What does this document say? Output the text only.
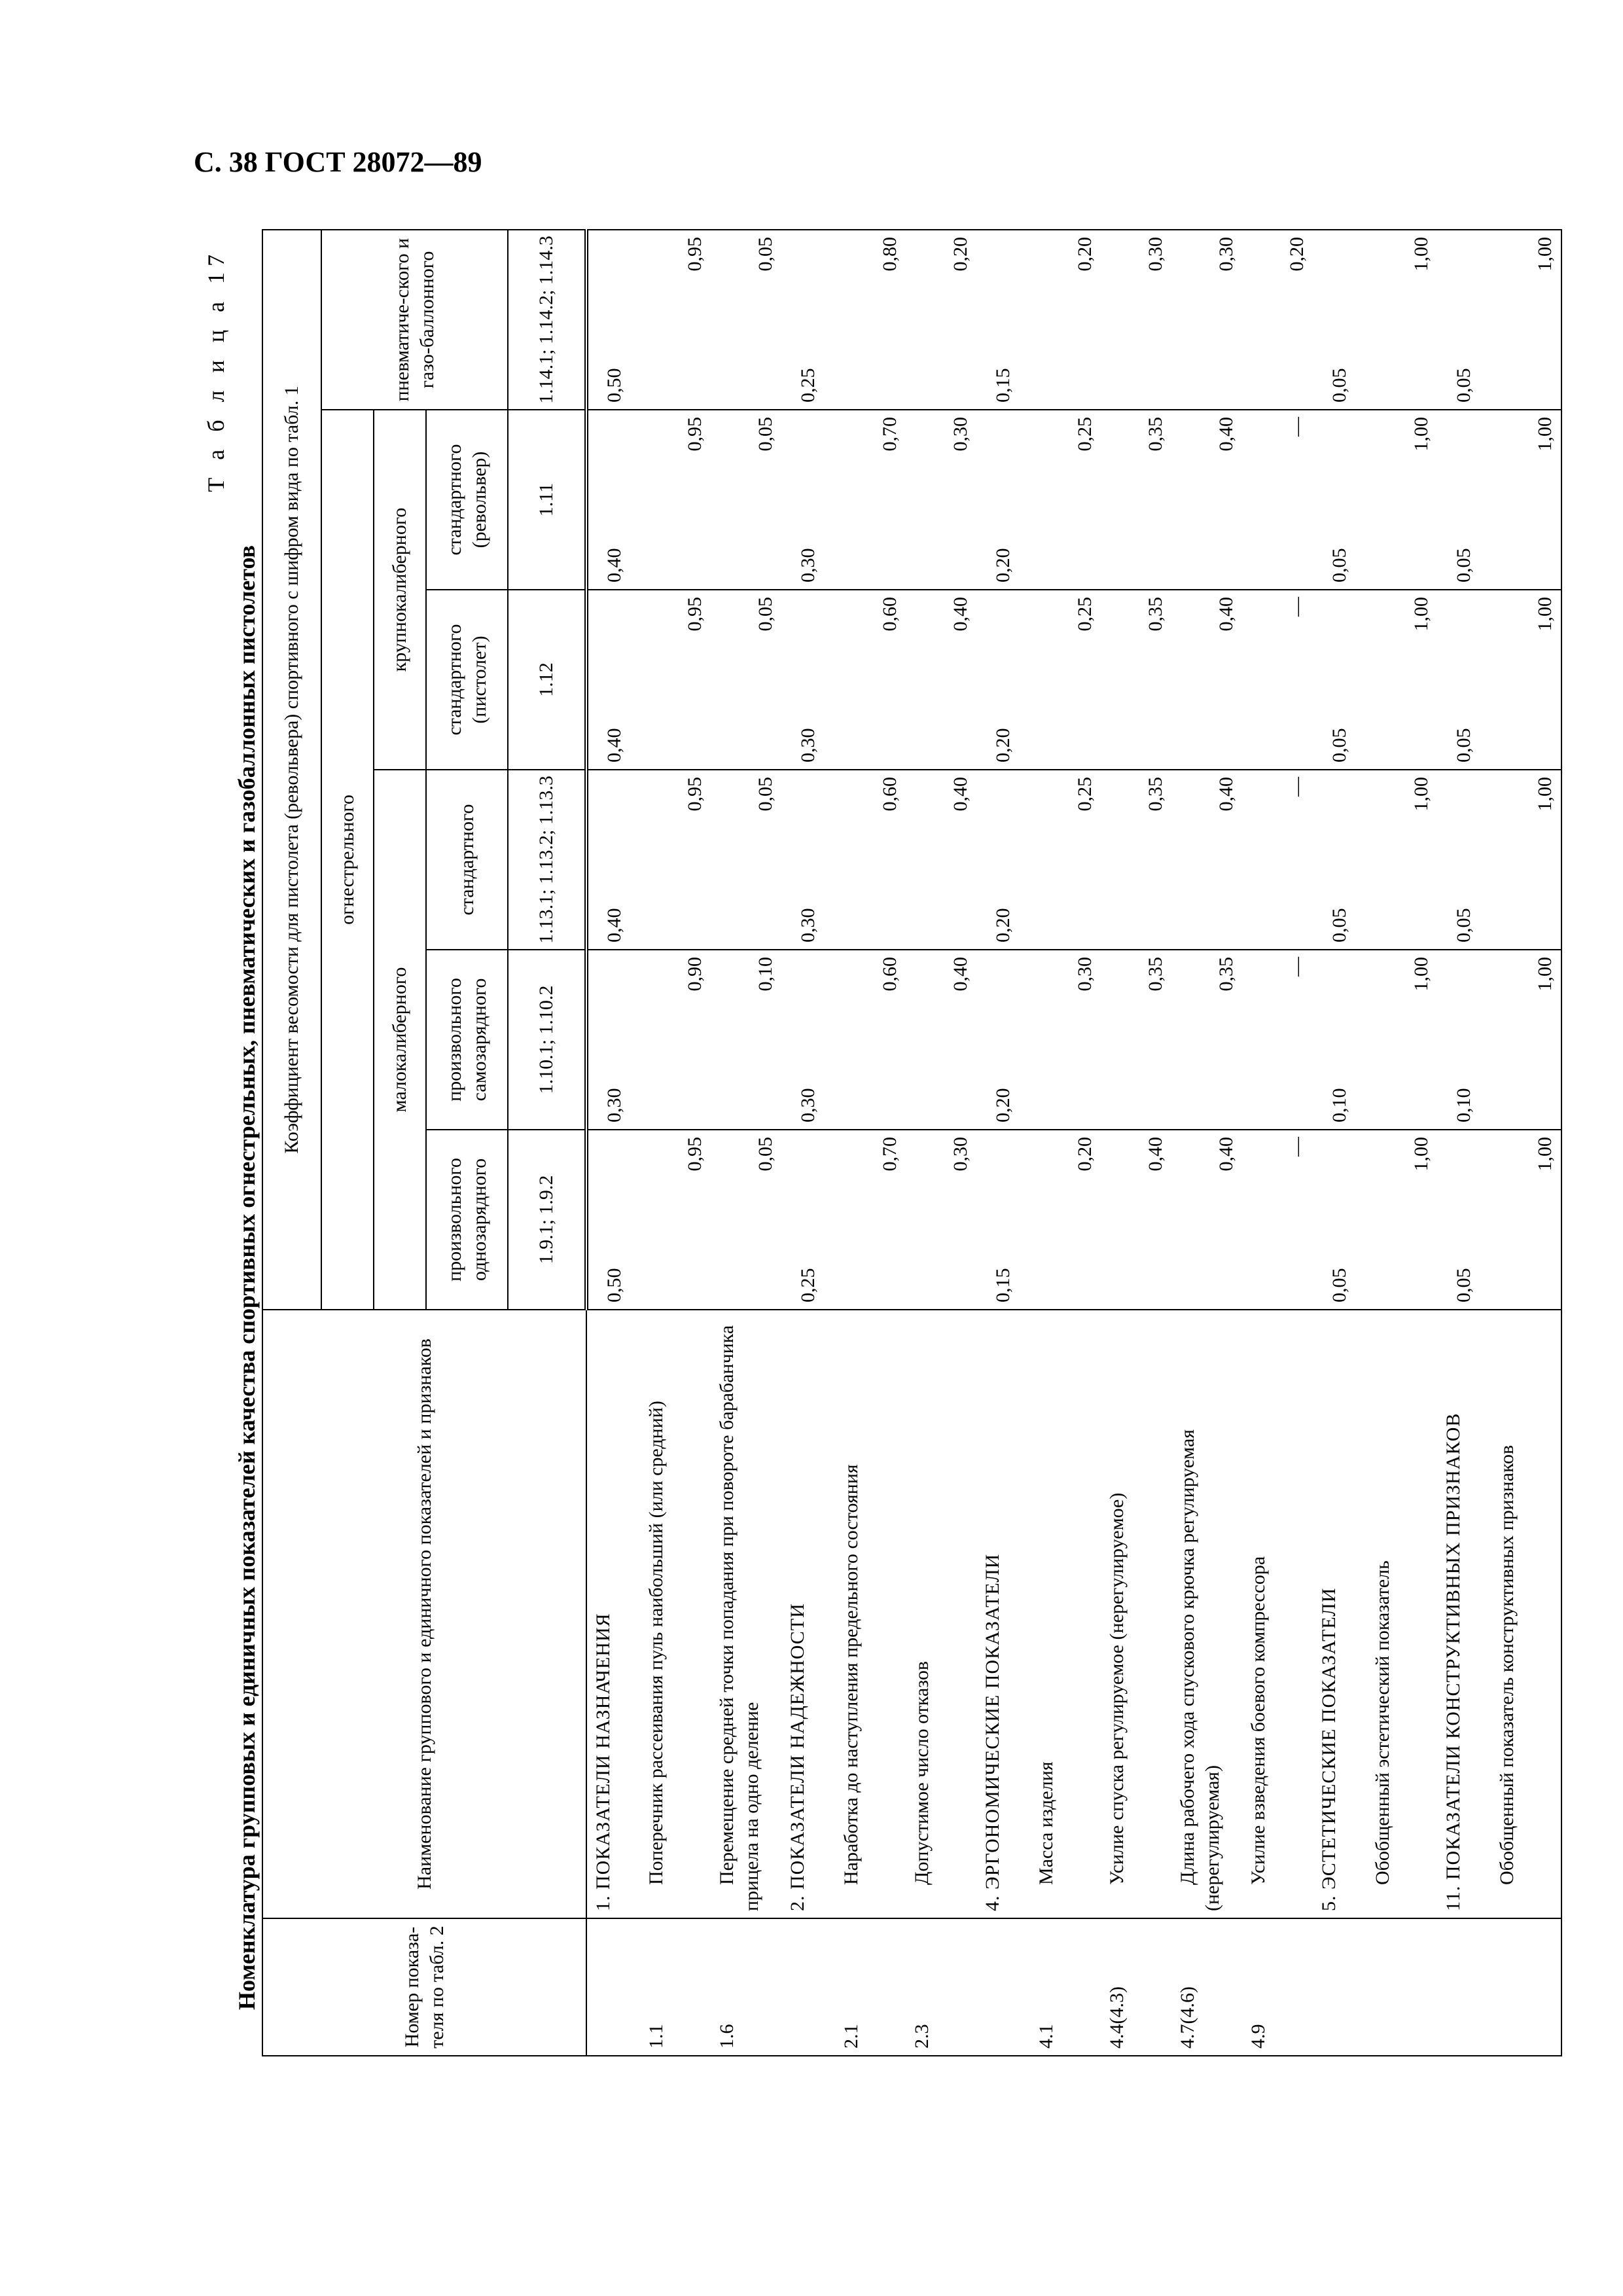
С. 38 ГОСТ 28072—89
Т а б л и ц а 17
Номенклатура групповых и единичных показателей качества спортивных огнестрельных, пневматических и газобаллонных пистолетов	Номер показа-теля по табл. 2	Наименование группового и единичного показателей и признаков	Коэффициент весомости для пистолета (револьвера) спортивного с шифром вида по табл. 1					
		огнестрельного					пневматиче-ского и газо-баллонного
		малокалиберного			крупнокалиберного		
		произвольного однозарядного	произвольного самозарядного	стандартного	стандартного (пистолет)	стандартного (револьвер)	
		1.9.1; 1.9.2	1.10.1; 1.10.2	1.13.1; 1.13.2; 1.13.3	1.12	1.11	1.14.1; 1.14.2; 1.14.3
	1. ПОКАЗАТЕЛИ НАЗНАЧЕНИЯ	0,50	0,30	0,40	0,40	0,40	0,50
1.1	Поперечник рассеивания пуль наибольший (или средний)	0,95	0,90	0,95	0,95	0,95	0,95
1.6	Перемещение средней точки попадания при повороте барабанчика прицела на одно деление	0,05	0,10	0,05	0,05	0,05	0,05
	2. ПОКАЗАТЕЛИ НАДЕЖНОСТИ	0,25	0,30	0,30	0,30	0,30	0,25
2.1	Наработка до наступления предельного состояния	0,70	0,60	0,60	0,60	0,70	0,80
2.3	Допустимое число отказов	0,30	0,40	0,40	0,40	0,30	0,20
	4. ЭРГОНОМИЧЕСКИЕ ПОКАЗАТЕЛИ	0,15	0,20	0,20	0,20	0,20	0,15
4.1	Масса изделия	0,20	0,30	0,25	0,25	0,25	0,20
4.4(4.3)	Усилие спуска регулируемое (нерегулируемое)	0,40	0,35	0,35	0,35	0,35	0,30
4.7(4.6)	Длина рабочего хода спускового крючка регулируемая (нерегулируемая)	0,40	0,35	0,40	0,40	0,40	0,30
4.9	Усилие взведения боевого компрессора	—	—	—	—	—	0,20
	5. ЭСТЕТИЧЕСКИЕ ПОКАЗАТЕЛИ	0,05	0,10	0,05	0,05	0,05	0,05
	Обобщенный эстетический показатель	1,00	1,00	1,00	1,00	1,00	1,00
	11. ПОКАЗАТЕЛИ КОНСТРУКТИВНЫХ ПРИЗНАКОВ	0,05	0,10	0,05	0,05	0,05	0,05
	Обобщенный показатель конструктивных признаков	1,00	1,00	1,00	1,00	1,00	1,00
